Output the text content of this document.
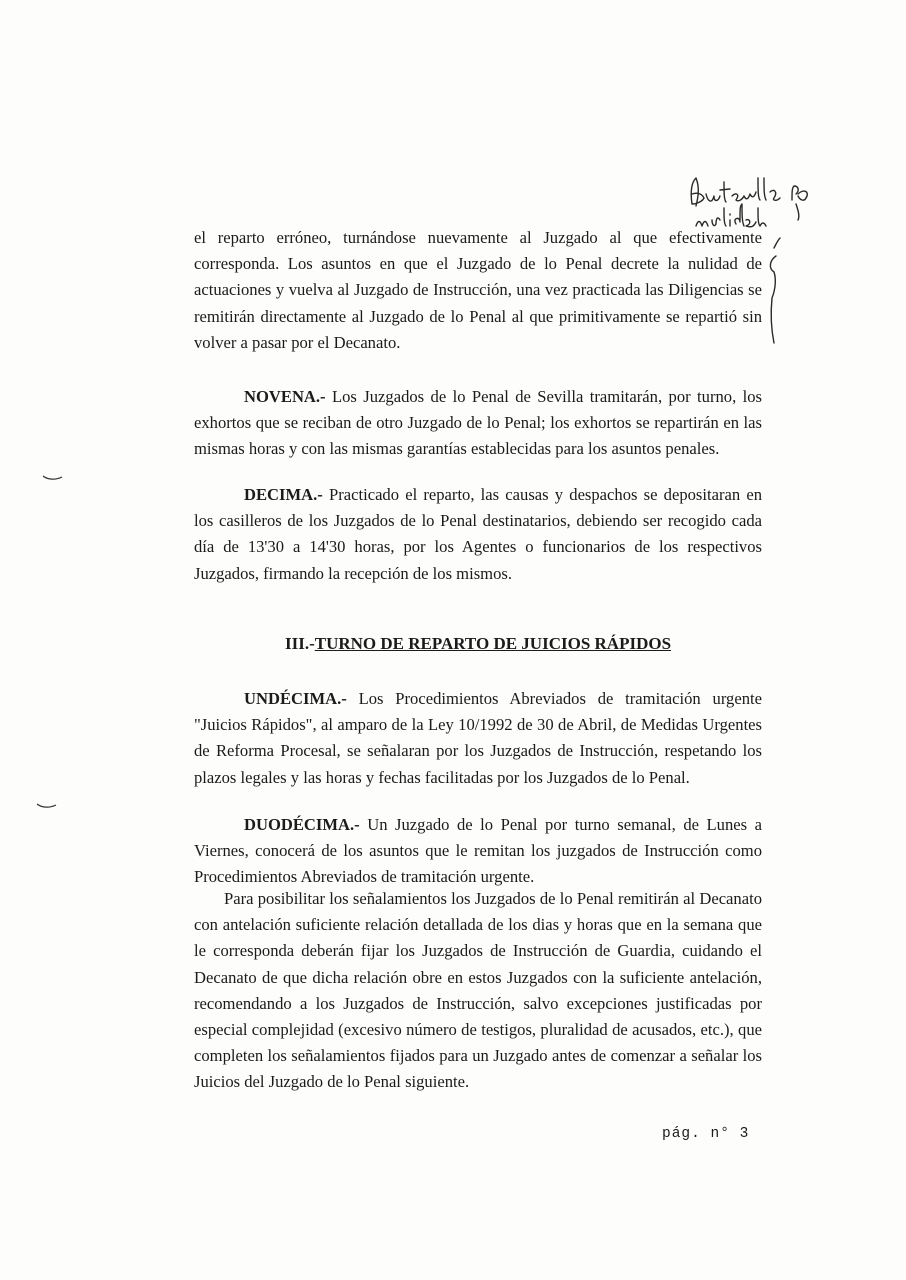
el reparto erróneo, turnándose nuevamente al Juzgado al que efectivamente corresponda. Los asuntos en que el Juzgado de lo Penal decrete la nulidad de actuaciones y vuelva al Juzgado de Instrucción, una vez practicada las Diligencias se remitirán directamente al Juzgado de lo Penal al que primitivamente se repartió sin volver a pasar por el Decanato.

NOVENA.- Los Juzgados de lo Penal de Sevilla tramitarán, por turno, los exhortos que se reciban de otro Juzgado de lo Penal; los exhortos se repartirán en las mismas horas y con las mismas garantías establecidas para los asuntos penales.

DECIMA.- Practicado el reparto, las causas y despachos se depositaran en los casilleros de los Juzgados de lo Penal destinatarios, debiendo ser recogido cada día de 13'30 a 14'30 horas, por los Agentes o funcionarios de los respectivos Juzgados, firmando la recepción de los mismos.

III.-TURNO DE REPARTO DE JUICIOS RÁPIDOS

UNDÉCIMA.- Los Procedimientos Abreviados de tramitación urgente "Juicios Rápidos", al amparo de la Ley 10/1992 de 30 de Abril, de Medidas Urgentes de Reforma Procesal, se señalaran por los Juzgados de Instrucción, respetando los plazos legales y las horas y fechas facilitadas por los Juzgados de lo Penal.

DUODÉCIMA.- Un Juzgado de lo Penal por turno semanal, de Lunes a Viernes, conocerá de los asuntos que le remitan los juzgados de Instrucción como Procedimientos Abreviados de tramitación urgente.

Para posibilitar los señalamientos los Juzgados de lo Penal remitirán al Decanato con antelación suficiente relación detallada de los dias y horas que en la semana que le corresponda deberán fijar los Juzgados de Instrucción de Guardia, cuidando el Decanato de que dicha relación obre en estos Juzgados con la suficiente antelación, recomendando a los Juzgados de Instrucción, salvo excepciones justificadas por especial complejidad (excesivo número de testigos, pluralidad de acusados, etc.), que completen los señalamientos fijados para un Juzgado antes de comenzar a señalar los Juicios del Juzgado de lo Penal siguiente.

pág. n° 3
